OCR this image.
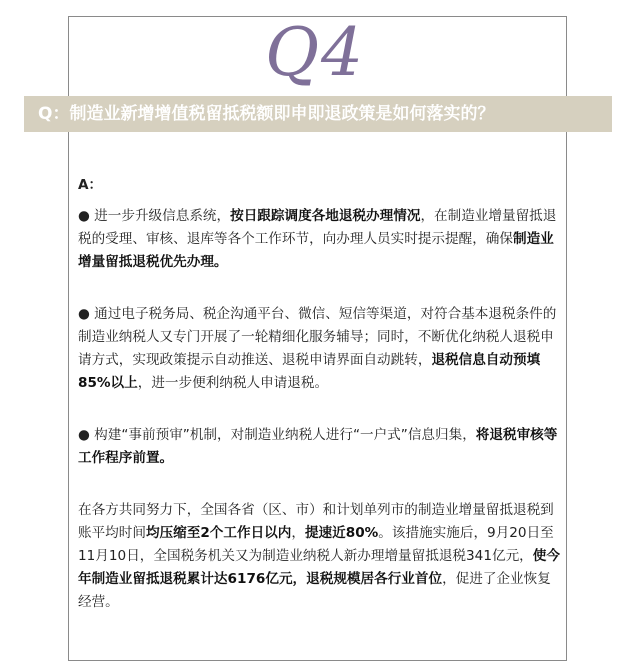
Q4
Q：制造业新增增值税留抵税额即申即退政策是如何落实的？
A：

● 进一步升级信息系统，按日跟踪调度各地退税办理情况，在制造业增量留抵退税的受理、审核、退库等各个工作环节，向办理人员实时提示提醒，确保制造业增量留抵退税优先办理。

● 通过电子税务局、税企沟通平台、微信、短信等渠道，对符合基本退税条件的制造业纳税人又专门开展了一轮精细化服务辅导；同时，不断优化纳税人退税申请方式，实现政策提示自动推送、退税申请界面自动跳转，退税信息自动预填85%以上，进一步便利纳税人申请退税。

● 构建“事前预审”机制，对制造业纳税人进行“一户式”信息归集，将退税审核等工作程序前置。

在各方共同努力下，全国各省（区、市）和计划单列市的制造业增量留抵退税到账平均时间均压缩至2个工作日以内，提速近80%。该措施实施后，9月20日至11月10日，全国税务机关又为制造业纳税人新办理增量留抵退税341亿元，使今年制造业留抵退税累计达6176亿元，退税规模居各行业首位，促进了企业恢复经营。
